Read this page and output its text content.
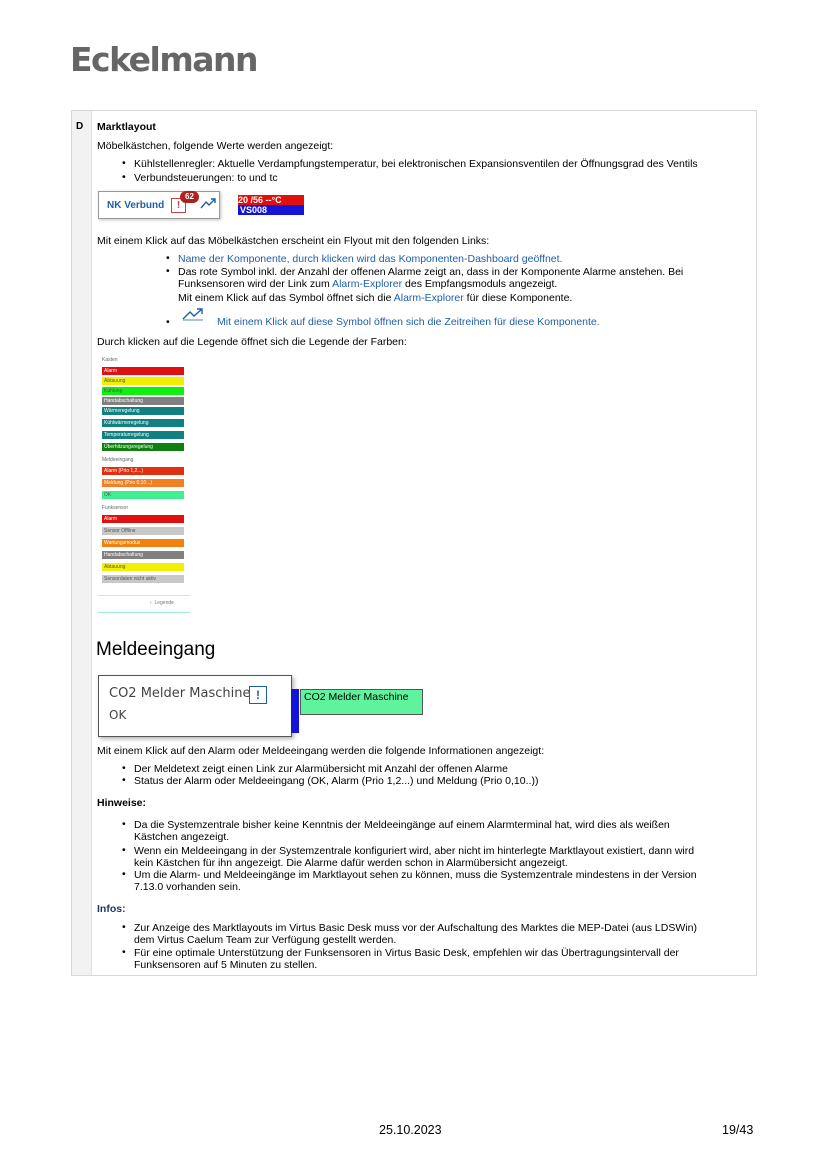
Eckelmann
D Marktlayout
Möbelkästchen, folgende Werte werden angezeigt:
• Kühlstellenregler: Aktuelle Verdampfungstemperatur, bei elektronischen Expansionsventilen der Öffnungsgrad des Ventils
• Verbundsteuerungen: to und tc
NK Verbund	!
62	20 /56 --°C
VS008
Mit einem Klick auf das Möbelkästchen erscheint ein Flyout mit den folgenden Links:
• Name der Komponente, durch klicken wird das Komponenten-Dashboard geöffnet.
• Das rote Symbol inkl. der Anzahl der offenen Alarme zeigt an, dass in der Komponente Alarme anstehen. Bei
Funksensoren wird der Link zum Alarm-Explorer des Empfangsmoduls angezeigt.
Mit einem Klick auf das Symbol öffnet sich die Alarm-Explorer für diese Komponente.
•	Mit einem Klick auf diese Symbol öffnen sich die Zeitreihen für diese Komponente.
Durch klicken auf die Legende öffnet sich die Legende der Farben:
Kasten
Alarm
Abtauung
Kühlung
Handabschaltung
Wärmeregelung
Kühlwärmeregelung
Temperaturregelung
Überhitzungsregelung
Meldeeingang
Alarm (Prio 1,2...)
Meldung (Prio 0,10...)
OK
Funksensor
Alarm
Sensor Offline
Wartungsmodus
Handabschaltung
Abtauung
Sensordaten nicht aktiv
›  Legende
Meldeeingang
CO2 Melder Maschine
OK
!	CO2 Melder Maschine
Mit einem Klick auf den Alarm oder Meldeeingang werden die folgende Informationen angezeigt:
• Der Meldetext zeigt einen Link zur Alarmübersicht mit Anzahl der offenen Alarme
• Status der Alarm oder Meldeeingang (OK, Alarm (Prio 1,2...) und Meldung (Prio 0,10..))
Hinweise:
• Da die Systemzentrale bisher keine Kenntnis der Meldeeingänge auf einem Alarmterminal hat, wird dies als weißen
Kästchen angezeigt.
• Wenn ein Meldeeingang in der Systemzentrale konfiguriert wird, aber nicht im hinterlegte Marktlayout existiert, dann wird
kein Kästchen für ihn angezeigt. Die Alarme dafür werden schon in Alarmübersicht angezeigt.
• Um die Alarm- und Meldeeingänge im Marktlayout sehen zu können, muss die Systemzentrale mindestens in der Version
7.13.0 vorhanden sein.
Infos:
• Zur Anzeige des Marktlayouts im Virtus Basic Desk muss vor der Aufschaltung des Marktes die MEP-Datei (aus LDSWin)
dem Virtus Caelum Team zur Verfügung gestellt werden.
• Für eine optimale Unterstützung der Funksensoren in Virtus Basic Desk, empfehlen wir das Übertragungsintervall der
Funksensoren auf 5 Minuten zu stellen.
25.10.2023	19/43
